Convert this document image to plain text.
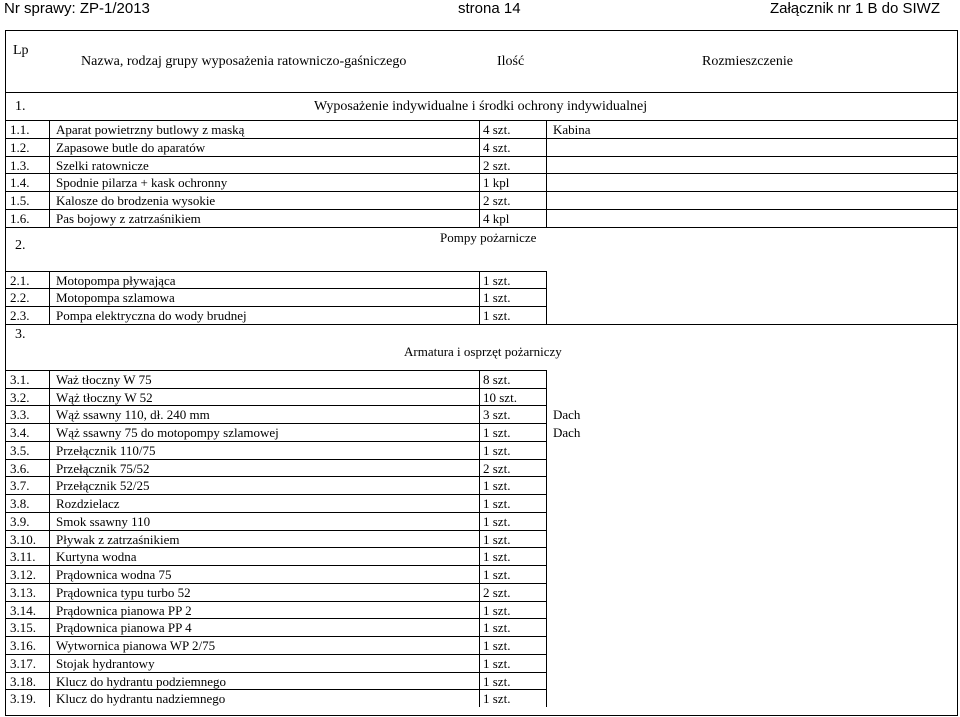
Nr sprawy: ZP-1/2013	strona 14	Załącznik nr 1 B do SIWZ
Lp
Nazwa, rodzaj grupy wyposażenia ratowniczo-gaśniczego	Ilość	Rozmieszczenie
1.	Wyposażenie indywidualne i środki ochrony indywidualnej
1.1. Aparat powietrzny butlowy z maską	4 szt.	Kabina
1.2. Zapasowe butle do aparatów	4 szt.
1.3. Szelki ratownicze	2 szt.
1.4. Spodnie pilarza + kask ochronny	1 kpl
1.5. Kalosze do brodzenia wysokie	2 szt.
1.6. Pas bojowy z zatrzaśnikiem	4 kpl
2.
Pompy pożarnicze
2.1. Motopompa pływająca	1 szt.
2.2. Motopompa szlamowa	1 szt.
2.3. Pompa elektryczna do wody brudnej	1 szt.
3.
Armatura i osprzęt pożarniczy
3.1. Waż tłoczny W 75	8 szt.
3.2. Wąż tłoczny W 52	10 szt.
3.3. Wąż ssawny 110, dł. 240 mm	3 szt.	Dach
3.4. Wąż ssawny 75 do motopompy szlamowej	1 szt.	Dach
3.5. Przełącznik 110/75	1 szt.
3.6. Przełącznik 75/52	2 szt.
3.7. Przełącznik 52/25	1 szt.
3.8. Rozdzielacz	1 szt.
3.9. Smok ssawny 110	1 szt.
3.10. Pływak z zatrzaśnikiem	1 szt.
3.11. Kurtyna wodna	1 szt.
3.12. Prądownica wodna 75	1 szt.
3.13. Prądownica typu turbo 52	2 szt.
3.14. Prądownica pianowa PP 2	1 szt.
3.15. Prądownica pianowa PP 4	1 szt.
3.16. Wytwornica pianowa WP 2/75	1 szt.
3.17. Stojak hydrantowy	1 szt.
3.18. Klucz do hydrantu podziemnego	1 szt.
3.19. Klucz do hydrantu nadziemnego	1 szt.
